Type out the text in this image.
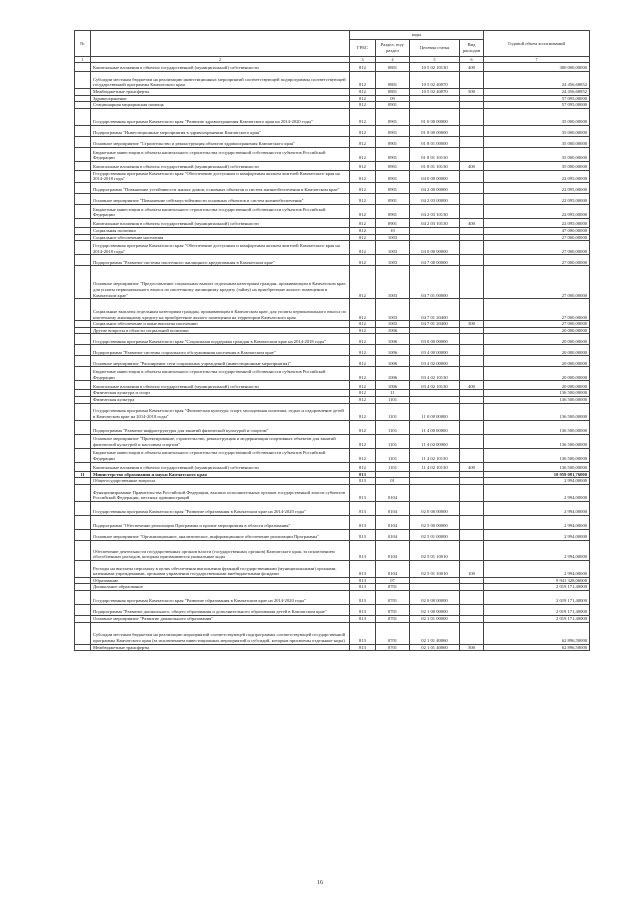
№		коды				Годовой объем ассигнований
		ГРБС	Раздел, под-раздел	Целевая статья	Вид расходов	
1	2	3	4	5	6	7
	Капитальные вложения в объекты государственной (муниципальной) собственности	812	0801	10 5 02 10130	400	300 000,00000
	Субсидии местным бюджетам на реализацию инвестиционных мероприятий соответствующей подпрограммы соответствующей государственной программы Камчатского края	812	0801	10 5 02 40070		24 456,68852
	Межбюджетные трансферты	812	0801	10 5 02 40070	500	24 456,68852
	Здравоохранение	812	09			57 095,00000
	Стационарная медицинская помощь	812	0901			57 095,00000
	Государственная программа Камчатского края "Развитие здравоохранения Камчатского края на 2014-2020 годы"	812	0901	01 0 00 00000		35 000,00000
	Подпрограмма "Инвестиционные мероприятия в здравоохранении Камчатского края"	812	0901	01 8 00 00000		35 000,00000
	Основное мероприятие "Строительство и реконструкция объектов здравоохранения Камчатского края"	812	0901	01 8 01 00000		35 000,00000
	Бюджетные инвестиции в объекты капитального строительства государственной собственности субъектов Российской Федерации	812	0901	01 8 01 10130		35 000,00000
	Капитальные вложения в объекты государственной (муниципальной) собственности	812	0901	01 8 01 10130	400	35 000,00000
	Государственная программа Камчатского края "Обеспечение доступным и комфортным жильем жителей Камчатского края на 2014-2018 годы"	812	0901	04 0 00 00000		22 095,00000
	Подпрограмма "Повышение устойчивости жилых домов, основных объектов и систем жизнеобеспечения в Камчатском крае"	812	0901	04 2 00 00000		22 095,00000
	Основное мероприятие "Повышение сейсмоустойчивости основных объектов и систем жизнеобеспечения"	812	0901	04 2 03 00000		22 095,00000
	Бюджетные инвестиции в объекты капитального строительства государственной собственности субъектов Российской Федерации	812	0901	04 2 03 10130		22 095,00000
	Капитальные вложения в объекты государственной (муниципальной) собственности	812	0901	04 2 03 10130	400	22 095,00000
	Социальная политика	812	10			47 000,00000
	Социальное обеспечение населения	812	1003			27 000,00000
	Государственная программа Камчатского края "Обеспечение доступным и комфортным жильем жителей Камчатского края на 2014-2018 годы"	812	1003	04 0 00 00000		27 000,00000
	Подпрограмма "Развитие системы ипотечного жилищного кредитования в Камчатском крае"	812	1003	04 7 00 00000		27 000,00000
	Основное мероприятие "Предоставление социальных выплат отдельным категориям граждан, проживающим в Камчатском крае, для уплаты первоначального взноса по ипотечному жилищному кредиту (займу) на приобретение жилого помещения в Камчатском крае"	812	1003	04 7 01 00000		27 000,00000
	Социальные выплаты отдельным категориям граждан, проживающим в Камчатском крае, для уплаты первоначального взноса по ипотечному жилищному кредиту на приобретение жилого помещения на территории Камчатского края	812	1003	04 7 01 20400		27 000,00000
	Социальное обеспечение и иные выплаты населению	812	1003	04 7 01 20400	300	27 000,00000
	Другие вопросы в области социальной политики	812	1006			20 000,00000
	Государственная программа Камчатского края "Социальная поддержка граждан в Камчатском крае на 2014-2018 годы"	812	1006	03 0 00 00000		20 000,00000
	Подпрограмма "Развитие системы социального обслуживания населения в Камчатском крае"	812	1006	03 4 00 00000		20 000,00000
	Основное мероприятие "Расширение сети социальных учреждений (инвестиционные мероприятия)"	812	1006	03 4 02 00000		20 000,00000
	Бюджетные инвестиции в объекты капитального строительства государственной собственности субъектов Российской Федерации	812	1006	03 4 02 10130		20 000,00000
	Капитальные вложения в объекты государственной (муниципальной) собственности	812	1006	03 4 02 10130	400	20 000,00000
	Физическая культура и спорт	812	11			136 500,00000
	Физическая культура	812	1101			136 500,00000
	Государственная программа Камчатского края "Физическая культура, спорт, молодежная политика, отдых и оздоровление детей в Камчатском крае на 2014-2018 годы"	812	1101	11 0 00 00000		136 500,00000
	Подпрограмма "Развитие инфраструктуры для занятий физической культурой и спортом"	812	1101	11 4 00 00000		136 500,00000
	Основное мероприятие "Проектирование, строительство, реконструкция и модернизация спортивных объектов для занятий физической культурой и массовым спортом"	812	1101	11 4 02 00000		136 500,00000
	Бюджетные инвестиции в объекты капитального строительства государственной собственности субъектов Российской Федерации	812	1101	11 4 02 10130		136 500,00000
	Капитальные вложения в объекты государственной (муниципальной) собственности	812	1101	11 4 02 10130	400	136 500,00000
11	Министерство образования и науки Камчатского края	813				10 959 081,76000
	Общегосударственные вопросы	813	01			2 994,00000
	Функционирование Правительства Российской Федерации, высших исполнительных органов государственной власти субъектов Российской Федерации, местных администраций	813	0104			2 994,00000
	Государственная программа Камчатского края "Развитие образования в Камчатском крае на 2014-2020 годы"	813	0104	02 0 00 00000		2 994,00000
	Подпрограмма "Обеспечение реализации Программы и прочие мероприятия в области образования"	813	0104	02 5 00 00000		2 994,00000
	Основное мероприятие "Организационное, аналитическое, информационное обеспечение реализации Программы"	813	0104	02 5 01 00000		2 994,00000
	Обеспечение деятельности государственных органов власти (государственных органов) Камчатского края, за исключением обособленных расходов, которым присваиваются уникальные коды	813	0104	02 5 01 10010		2 994,00000
	Расходы на выплаты персоналу в целях обеспечения выполнения функций государственными (муниципальными) органами, казенными учреждениями, органами управления государственными внебюджетными фондами	813	0104	02 5 01 10010	100	2 994,00000
	Образование	813	07			9 941 328,06000
	Дошкольное образование	813	0701			2 019 171,40000
	Государственная программа Камчатского края "Развитие образования в Камчатском крае на 2014-2020 годы"	813	0701	02 0 00 00000		2 019 171,40000
	Подпрограмма "Развитие дошкольного, общего образования и дополнительного образования детей в Камчатском крае"	813	0701	02 1 00 00000		2 019 171,40000
	Основное мероприятие "Развитие дошкольного образования"	813	0701	02 1 01 00000		2 019 171,40000
	Субсидии местным бюджетам на реализацию мероприятий соответствующей подпрограммы соответствующей государственной программы Камчатского края (за исключением инвестиционных мероприятий и субсидий, которым присвоены отдельные коды)	813	0701	02 1 01 40060		62 896,50000
	Межбюджетные трансферты	813	0701	02 1 01 40060	500	62 896,50000
16
